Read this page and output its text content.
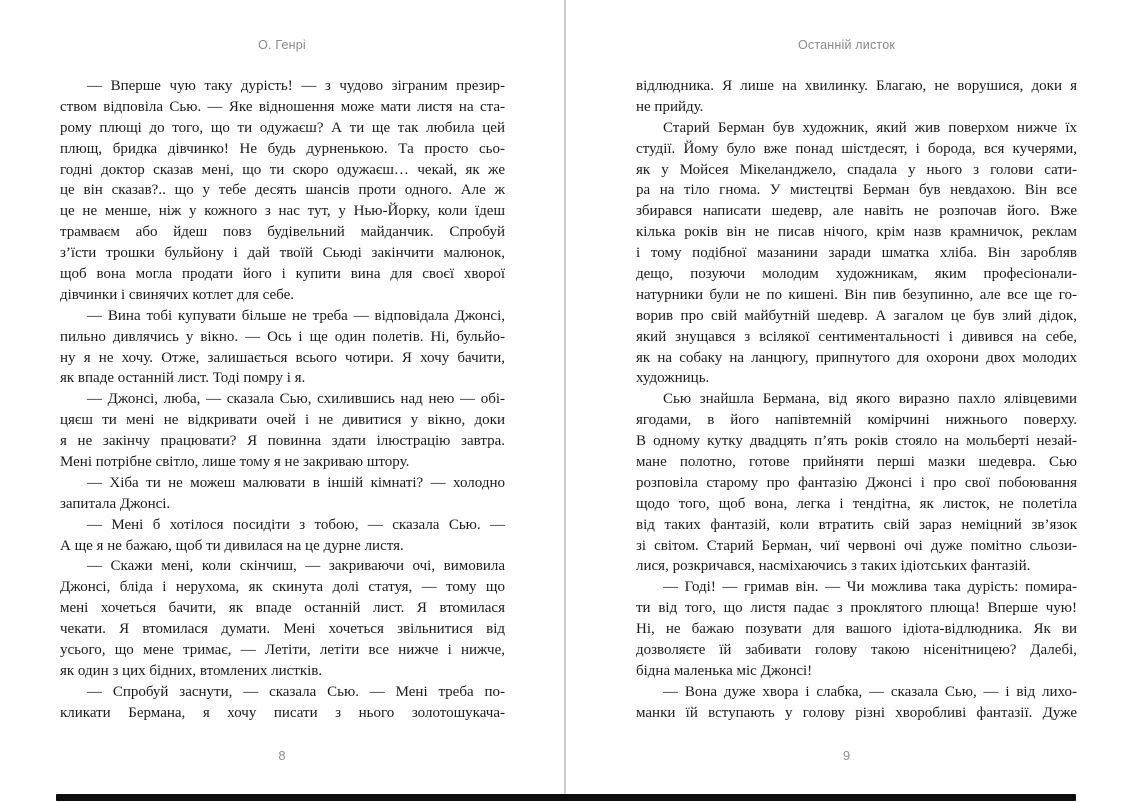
О. Генрі
— Вперше чую таку дурість! — з чудово зіграним презир-
ством відповіла Сью. — Яке відношення може мати листя на ста-
рому плющі до того, що ти одужаєш? А ти ще так любила цей
плющ, бридка дівчинко! Не будь дурненькою. Та просто сьо-
годні доктор сказав мені, що ти скоро одужаєш… чекай, як же
це він сказав?.. що у тебе десять шансів проти одного. Але ж
це не менше, ніж у кожного з нас тут, у Нью-Йорку, коли їдеш
трамваєм або йдеш повз будівельний майданчик. Спробуй
з’їсти трошки бульйону і дай твоїй Сьюді закінчити малюнок,
щоб вона могла продати його і купити вина для своєї хворої
дівчинки і свинячих котлет для себе.
— Вина тобі купувати більше не треба — відповідала Джонсі,
пильно дивлячись у вікно. — Ось і ще один полетів. Ні, бульйо-
ну я не хочу. Отже, залишається всього чотири. Я хочу бачити,
як впаде останній лист. Тоді помру і я.
— Джонсі, люба, — сказала Сью, схилившись над нею — обі-
цяєш ти мені не відкривати очей і не дивитися у вікно, доки
я не закінчу працювати? Я повинна здати ілюстрацію завтра.
Мені потрібне світло, лише тому я не закриваю штору.
— Хіба ти не можеш малювати в іншій кімнаті? — холодно
запитала Джонсі.
— Мені б хотілося посидіти з тобою, — сказала Сью. —
А ще я не бажаю, щоб ти дивилася на це дурне листя.
— Скажи мені, коли скінчиш, — закриваючи очі, вимовила
Джонсі, бліда і нерухома, як скинута долі статуя, — тому що
мені хочеться бачити, як впаде останній лист. Я втомилася
чекати. Я втомилася думати. Мені хочеться звільнитися від
усього, що мене тримає, — Летіти, летіти все нижче і нижче,
як один з цих бідних, втомлених листків.
— Спробуй заснути, — сказала Сью. — Мені треба по-
кликати Бермана, я хочу писати з нього золотошукача-
8
Останній листок
відлюдника. Я лише на хвилинку. Благаю, не ворушися, доки я
не прийду.
Старий Берман був художник, який жив поверхом нижче їх
студії. Йому було вже понад шістдесят, і борода, вся кучерями,
як у Мойсея Мікеланджело, спадала у нього з голови сати-
ра на тіло гнома. У мистецтві Берман був невдахою. Він все
збирався написати шедевр, але навіть не розпочав його. Вже
кілька років він не писав нічого, крім назв крамничок, реклам
і тому подібної мазанини заради шматка хліба. Він заробляв
дещо, позуючи молодим художникам, яким професіонали-
натурники були не по кишені. Він пив безупинно, але все ще го-
ворив про свій майбутній шедевр. А загалом це був злий дідок,
який знущався з всілякої сентиментальності і дивився на себе,
як на собаку на ланцюгу, припнутого для охорони двох молодих
художниць.
Сью знайшла Бермана, від якого виразно пахло ялівцевими
ягодами, в його напівтемній комірчині нижнього поверху.
В одному кутку двадцять п’ять років стояло на мольберті незай-
мане полотно, готове прийняти перші мазки шедевра. Сью
розповіла старому про фантазію Джонсі і про свої побоювання
щодо того, щоб вона, легка і тендітна, як листок, не полетіла
від таких фантазій, коли втратить свій зараз неміцний зв’язок
зі світом. Старий Берман, чиї червоні очі дуже помітно сльози-
лися, розкричався, насміхаючись з таких ідіотських фантазій.
— Годі! — гримав він. — Чи можлива така дурість: помира-
ти від того, що листя падає з проклятого плюща! Вперше чую!
Ні, не бажаю позувати для вашого ідіота-відлюдника. Як ви
дозволяєте їй забивати голову такою нісенітницею? Далебі,
бідна маленька міс Джонсі!
— Вона дуже хвора і слабка, — сказала Сью, — і від лихо-
манки їй вступають у голову різні хворобливі фантазії. Дуже
9
